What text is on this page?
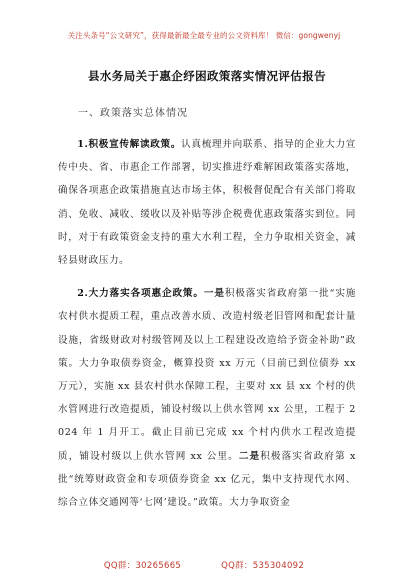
关注头条号“公文研究”，获得最新最全最专业的公文资料库！ 微信：gongwenyj
县水务局关于惠企纾困政策落实情况评估报告
一、政策落实总体情况

1.积极宣传解读政策。认真梳理并向联系、指导的企业大力宣传中央、省、市惠企工作部署，切实推进纾难解困政策落实落地，确保各项惠企政策措施直达市场主体，积极督促配合有关部门将取消、免收、减收、缓收以及补贴等涉企税费优惠政策落实到位。同时，对于有政策资金支持的重大水利工程，全力争取相关资金，减轻县财政压力。

2.大力落实各项惠企政策。一是积极落实省政府第一批“实施农村供水提质工程，重点改善水质、改造村级老旧管网和配套计量设施，省级财政对村级管网及以上工程建设改造给予资金补助”政策。大力争取债券资金，概算投资 xx 万元（目前已到位债券 xx 万元），实施 xx 县农村供水保障工程，主要对 xx 县 xx 个村的供水管网进行改造提质，铺设村级以上供水管网 xx 公里，工程于 2024 年 1 月开工。截止目前已完成 xx 个村内供水工程改造提质，铺设村级以上供水管网 xx 公里。二是积极落实省政府第 x 批“统筹财政资金和专项债券资金 xx 亿元，集中支持现代水网、综合立体交通网等‘七网’建设。”政策。大力争取资金

QQ群：30265665	QQ群：535304092
